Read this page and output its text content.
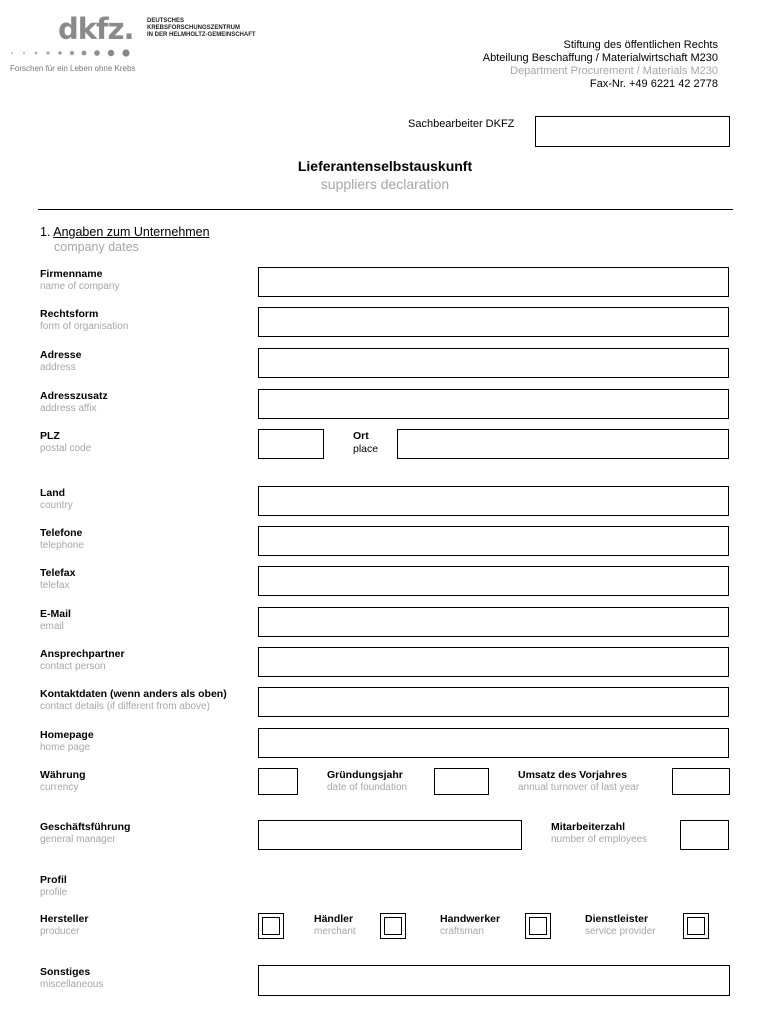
dkfz. DEUTSCHES
KREBSFORSCHUNGSZENTRUM
IN DER HELMHOLTZ-GEMEINSCHAFT
Forschen für ein Leben ohne Krebs
Stiftung des öffentlichen Rechts
Abteilung Beschaffung / Materialwirtschaft M230
Department Procurement / Materials M230
Fax-Nr. +49 6221 42 2778
Sachbearbeiter DKFZ
Lieferantenselbstauskunft
suppliers declaration
1. Angaben zum Unternehmen
company dates
Firmenname
name of company
Rechtsform
form of organisation
Adresse
address
Adresszusatz
address affix
PLZ
postal code
Ort
place
Land
country
Telefone
telephone
Telefax
telefax
E-Mail
email
Ansprechpartner
contact person
Kontaktdaten (wenn anders als oben)
contact details (if different from above)
Homepage
home page
Währung
currency
Gründungsjahr
date of foundation
Umsatz des Vorjahres
annual turnover of last year
Geschäftsführung
general manager
Mitarbeiterzahl
number of employees
Profil
profile
Hersteller
producer
Händler
merchant
Handwerker
craftsman
Dienstleister
service provider
Sonstiges
miscellaneous
